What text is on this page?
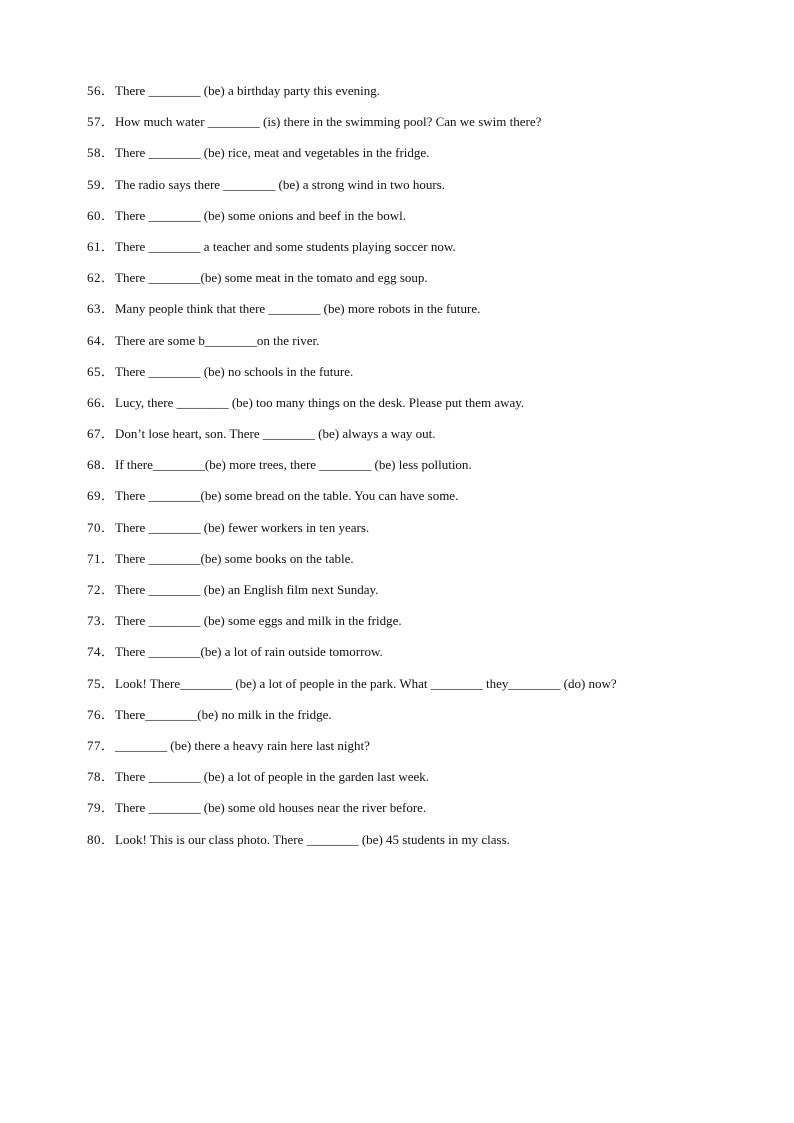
56． There ________ (be) a birthday party this evening.
57． How much water ________ (is) there in the swimming pool? Can we swim there?
58． There ________ (be) rice, meat and vegetables in the fridge.
59． The radio says there ________ (be) a strong wind in two hours.
60． There ________ (be) some onions and beef in the bowl.
61． There ________ a teacher and some students playing soccer now.
62． There ________(be) some meat in the tomato and egg soup.
63． Many people think that there ________ (be) more robots in the future.
64． There are some b________on the river.
65． There ________ (be) no schools in the future.
66． Lucy, there ________ (be) too many things on the desk. Please put them away.
67． Don’t lose heart, son. There ________ (be) always a way out.
68． If there________(be) more trees, there ________ (be) less pollution.
69． There ________(be) some bread on the table. You can have some.
70． There ________ (be) fewer workers in ten years.
71． There ________(be) some books on the table.
72． There ________ (be) an English film next Sunday.
73． There ________ (be) some eggs and milk in the fridge.
74． There ________(be) a lot of rain outside tomorrow.
75． Look! There________ (be) a lot of people in the park. What ________ they________ (do) now?
76． There________(be) no milk in the fridge.
77． ________ (be) there a heavy rain here last night?
78． There ________ (be) a lot of people in the garden last week.
79． There ________ (be) some old houses near the river before.
80． Look! This is our class photo. There ________ (be) 45 students in my class.
